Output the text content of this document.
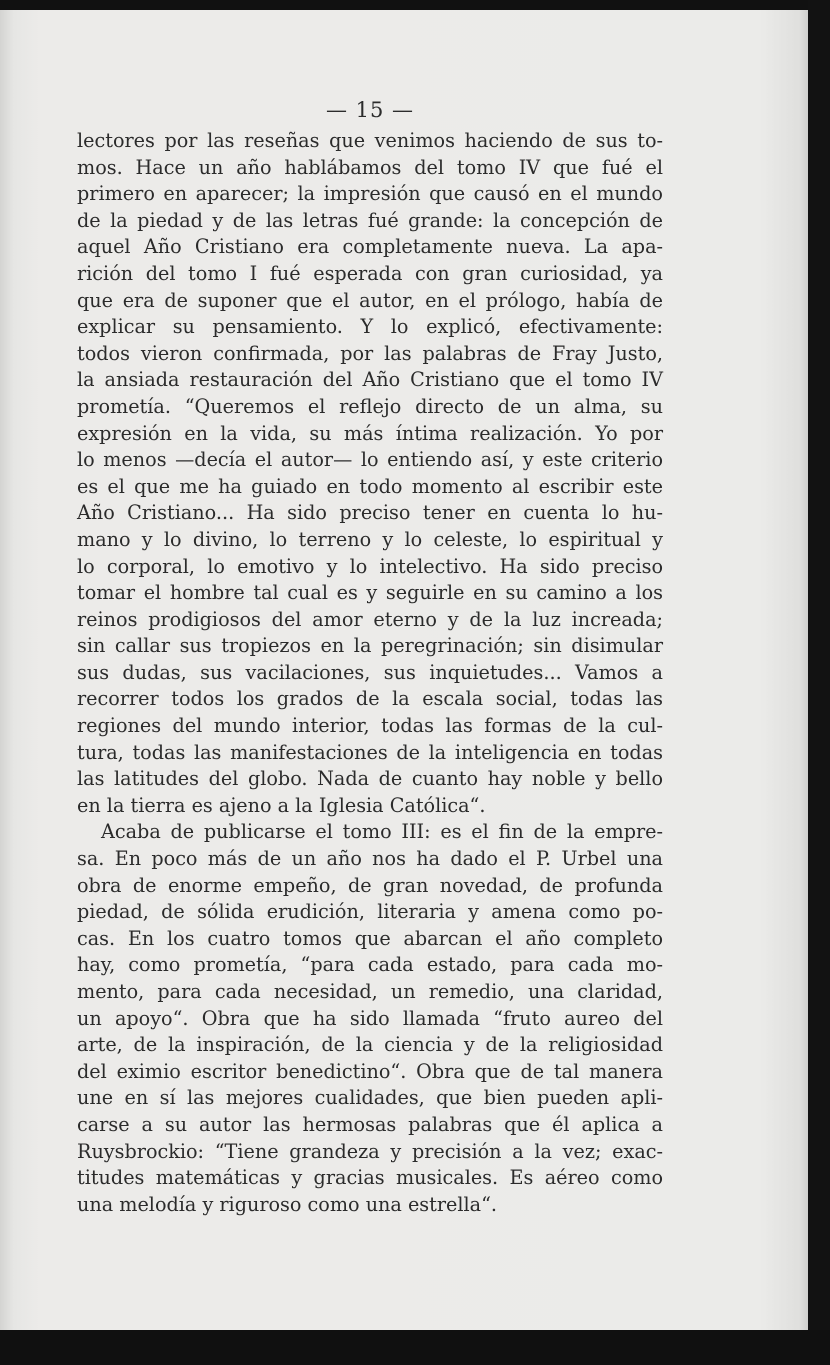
— 15 —
lectores por las reseñas que venimos haciendo de sus to-
mos. Hace un año hablábamos del tomo IV que fué el
primero en aparecer; la impresión que causó en el mundo
de la piedad y de las letras fué grande: la concepción de
aquel Año Cristiano era completamente nueva. La apa-
rición del tomo I fué esperada con gran curiosidad, ya
que era de suponer que el autor, en el prólogo, había de
explicar su pensamiento. Y lo explicó, efectivamente:
todos vieron confirmada, por las palabras de Fray Justo,
la ansiada restauración del Año Cristiano que el tomo IV
prometía. “Queremos el reflejo directo de un alma, su
expresión en la vida, su más íntima realización. Yo por
lo menos —decía el autor— lo entiendo así, y este criterio
es el que me ha guiado en todo momento al escribir este
Año Cristiano... Ha sido preciso tener en cuenta lo hu-
mano y lo divino, lo terreno y lo celeste, lo espiritual y
lo corporal, lo emotivo y lo intelectivo. Ha sido preciso
tomar el hombre tal cual es y seguirle en su camino a los
reinos prodigiosos del amor eterno y de la luz increada;
sin callar sus tropiezos en la peregrinación; sin disimular
sus dudas, sus vacilaciones, sus inquietudes... Vamos a
recorrer todos los grados de la escala social, todas las
regiones del mundo interior, todas las formas de la cul-
tura, todas las manifestaciones de la inteligencia en todas
las latitudes del globo. Nada de cuanto hay noble y bello
en la tierra es ajeno a la Iglesia Católica“.
Acaba de publicarse el tomo III: es el fin de la empre-
sa. En poco más de un año nos ha dado el P. Urbel una
obra de enorme empeño, de gran novedad, de profunda
piedad, de sólida erudición, literaria y amena como po-
cas. En los cuatro tomos que abarcan el año completo
hay, como prometía, “para cada estado, para cada mo-
mento, para cada necesidad, un remedio, una claridad,
un apoyo“. Obra que ha sido llamada “fruto aureo del
arte, de la inspiración, de la ciencia y de la religiosidad
del eximio escritor benedictino“. Obra que de tal manera
une en sí las mejores cualidades, que bien pueden apli-
carse a su autor las hermosas palabras que él aplica a
Ruysbrockio: “Tiene grandeza y precisión a la vez; exac-
titudes matemáticas y gracias musicales. Es aéreo como
una melodía y riguroso como una estrella“.
